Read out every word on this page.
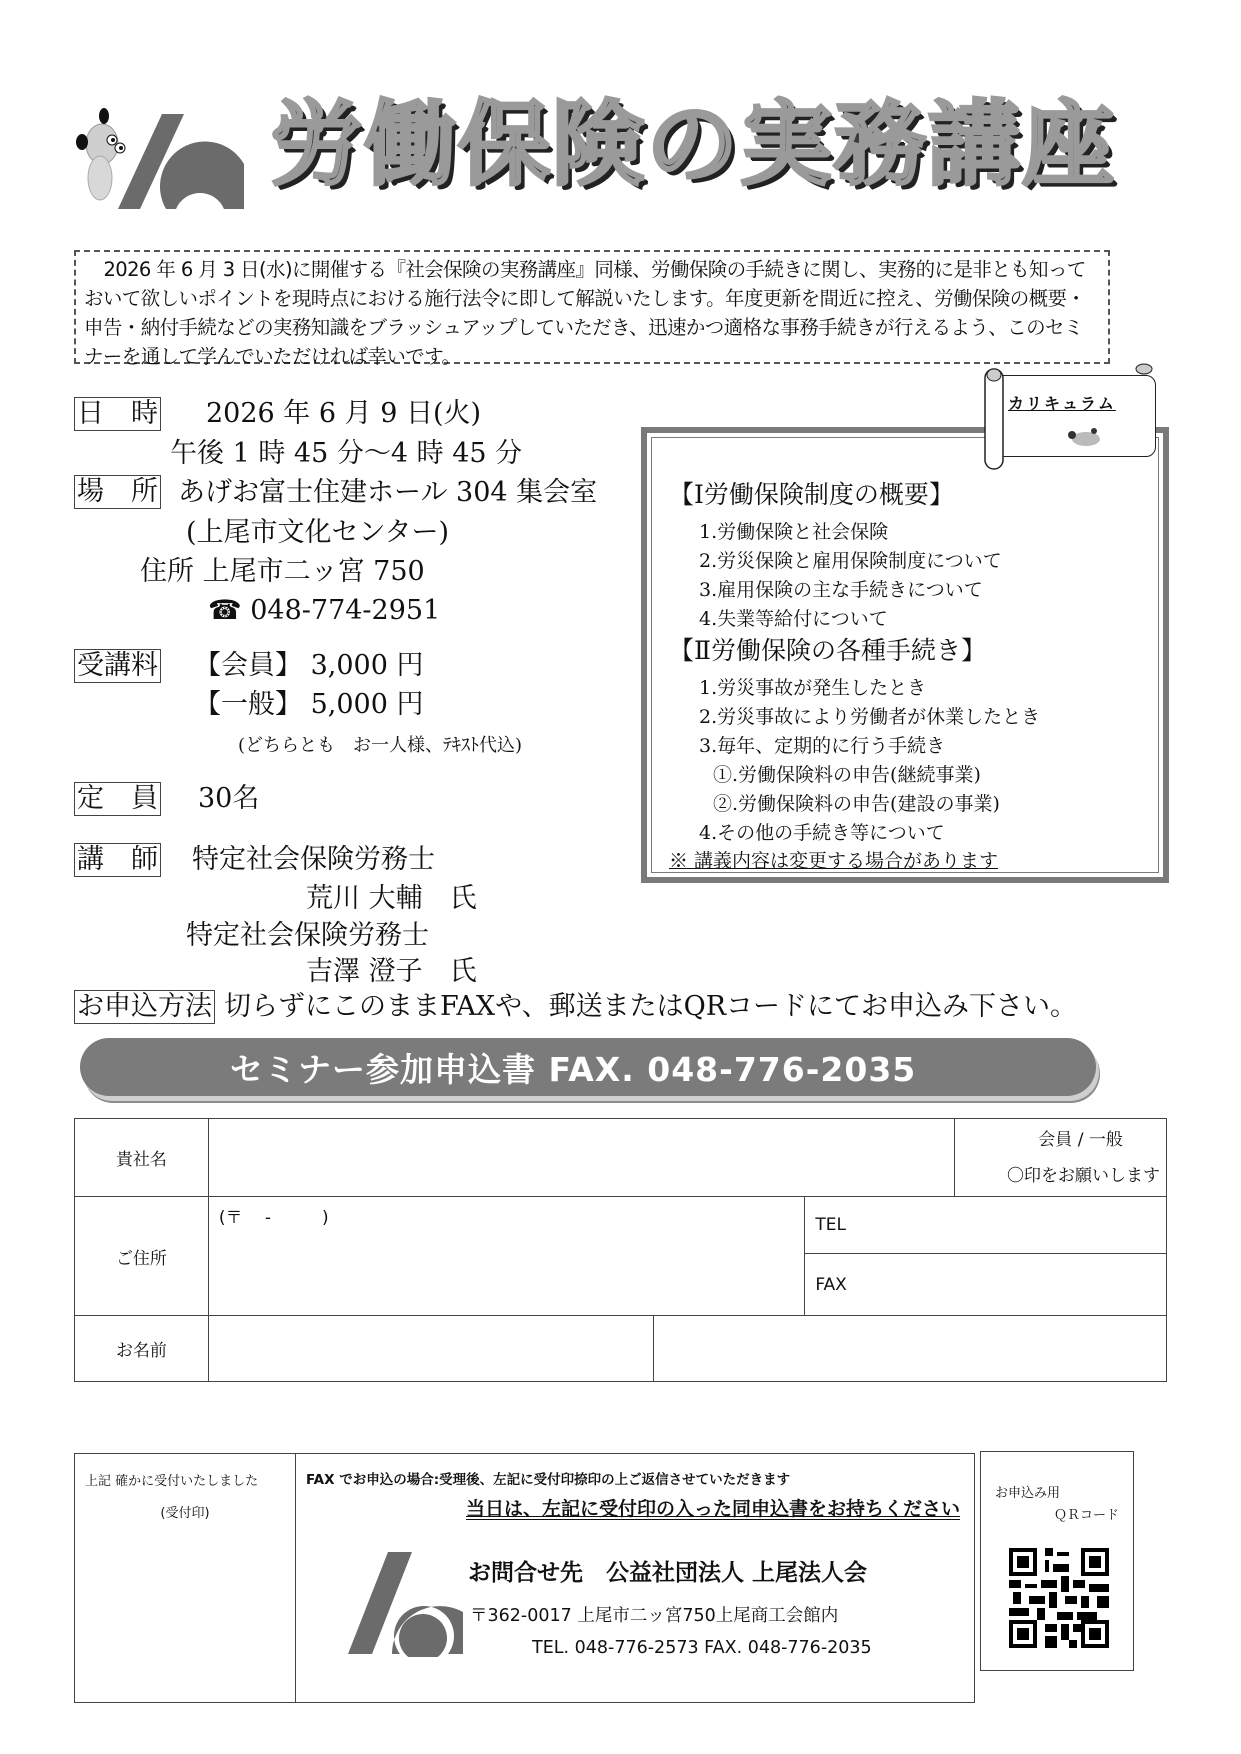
労働保険の実務講座
2026 年 6 月 3 日(水)に開催する『社会保険の実務講座』同様、労働保険の手続きに関し、実務的に是非とも知っておいて欲しいポイントを現時点における施行法令に即して解説いたします。年度更新を間近に控え、労働保険の概要・申告・納付手続などの実務知識をブラッシュアップしていただき、迅速かつ適格な事務手続きが行えるよう、このセミナーを通して学んでいただければ幸いです。
日　時 2026 年 6 月 9 日(火)
午後 1 時 45 分～4 時 45 分
場　所 あげお富士住建ホール 304 集会室
(上尾市文化センター)
住所 上尾市二ッ宮 750
☎ 048-774-2951
受講料 【会員】 3,000 円
【一般】 5,000 円
(どちらとも　お一人様、ﾃｷｽﾄ代込)
定　員 30名
講　師 特定社会保険労務士
荒川 大輔　氏
特定社会保険労務士
吉澤 澄子　氏
お申込方法 切らずにこのままFAXや、郵送またはQRコードにてお申込み下さい。
【Ⅰ労働保険制度の概要】
1.労働保険と社会保険
2.労災保険と雇用保険制度について
3.雇用保険の主な手続きについて
4.失業等給付について
【Ⅱ労働保険の各種手続き】
1.労災事故が発生したとき
2.労災事故により労働者が休業したとき
3.毎年、定期的に行う手続き
①.労働保険料の申告(継続事業)
②.労働保険料の申告(建設の事業)
4.その他の手続き等について
※ 講義内容は変更する場合があります
カリキュラム
セミナー参加申込書 FAX. 048-776-2035
貴社名				会員 / 一般
〇印をお願いします

ご住所	(〒　 -　　　)		TEL	
			FAX	
お名前				
上記 確かに受付いたしました
(受付印)
FAX でお申込の場合:受理後、左記に受付印捺印の上ご返信させていただきます
当日は、左記に受付印の入った同申込書をお持ちください
お問合せ先　公益社団法人 上尾法人会
〒362-0017 上尾市二ッ宮750上尾商工会館内
TEL. 048-776-2573 FAX. 048-776-2035
お申込み用
ＱＲコード
